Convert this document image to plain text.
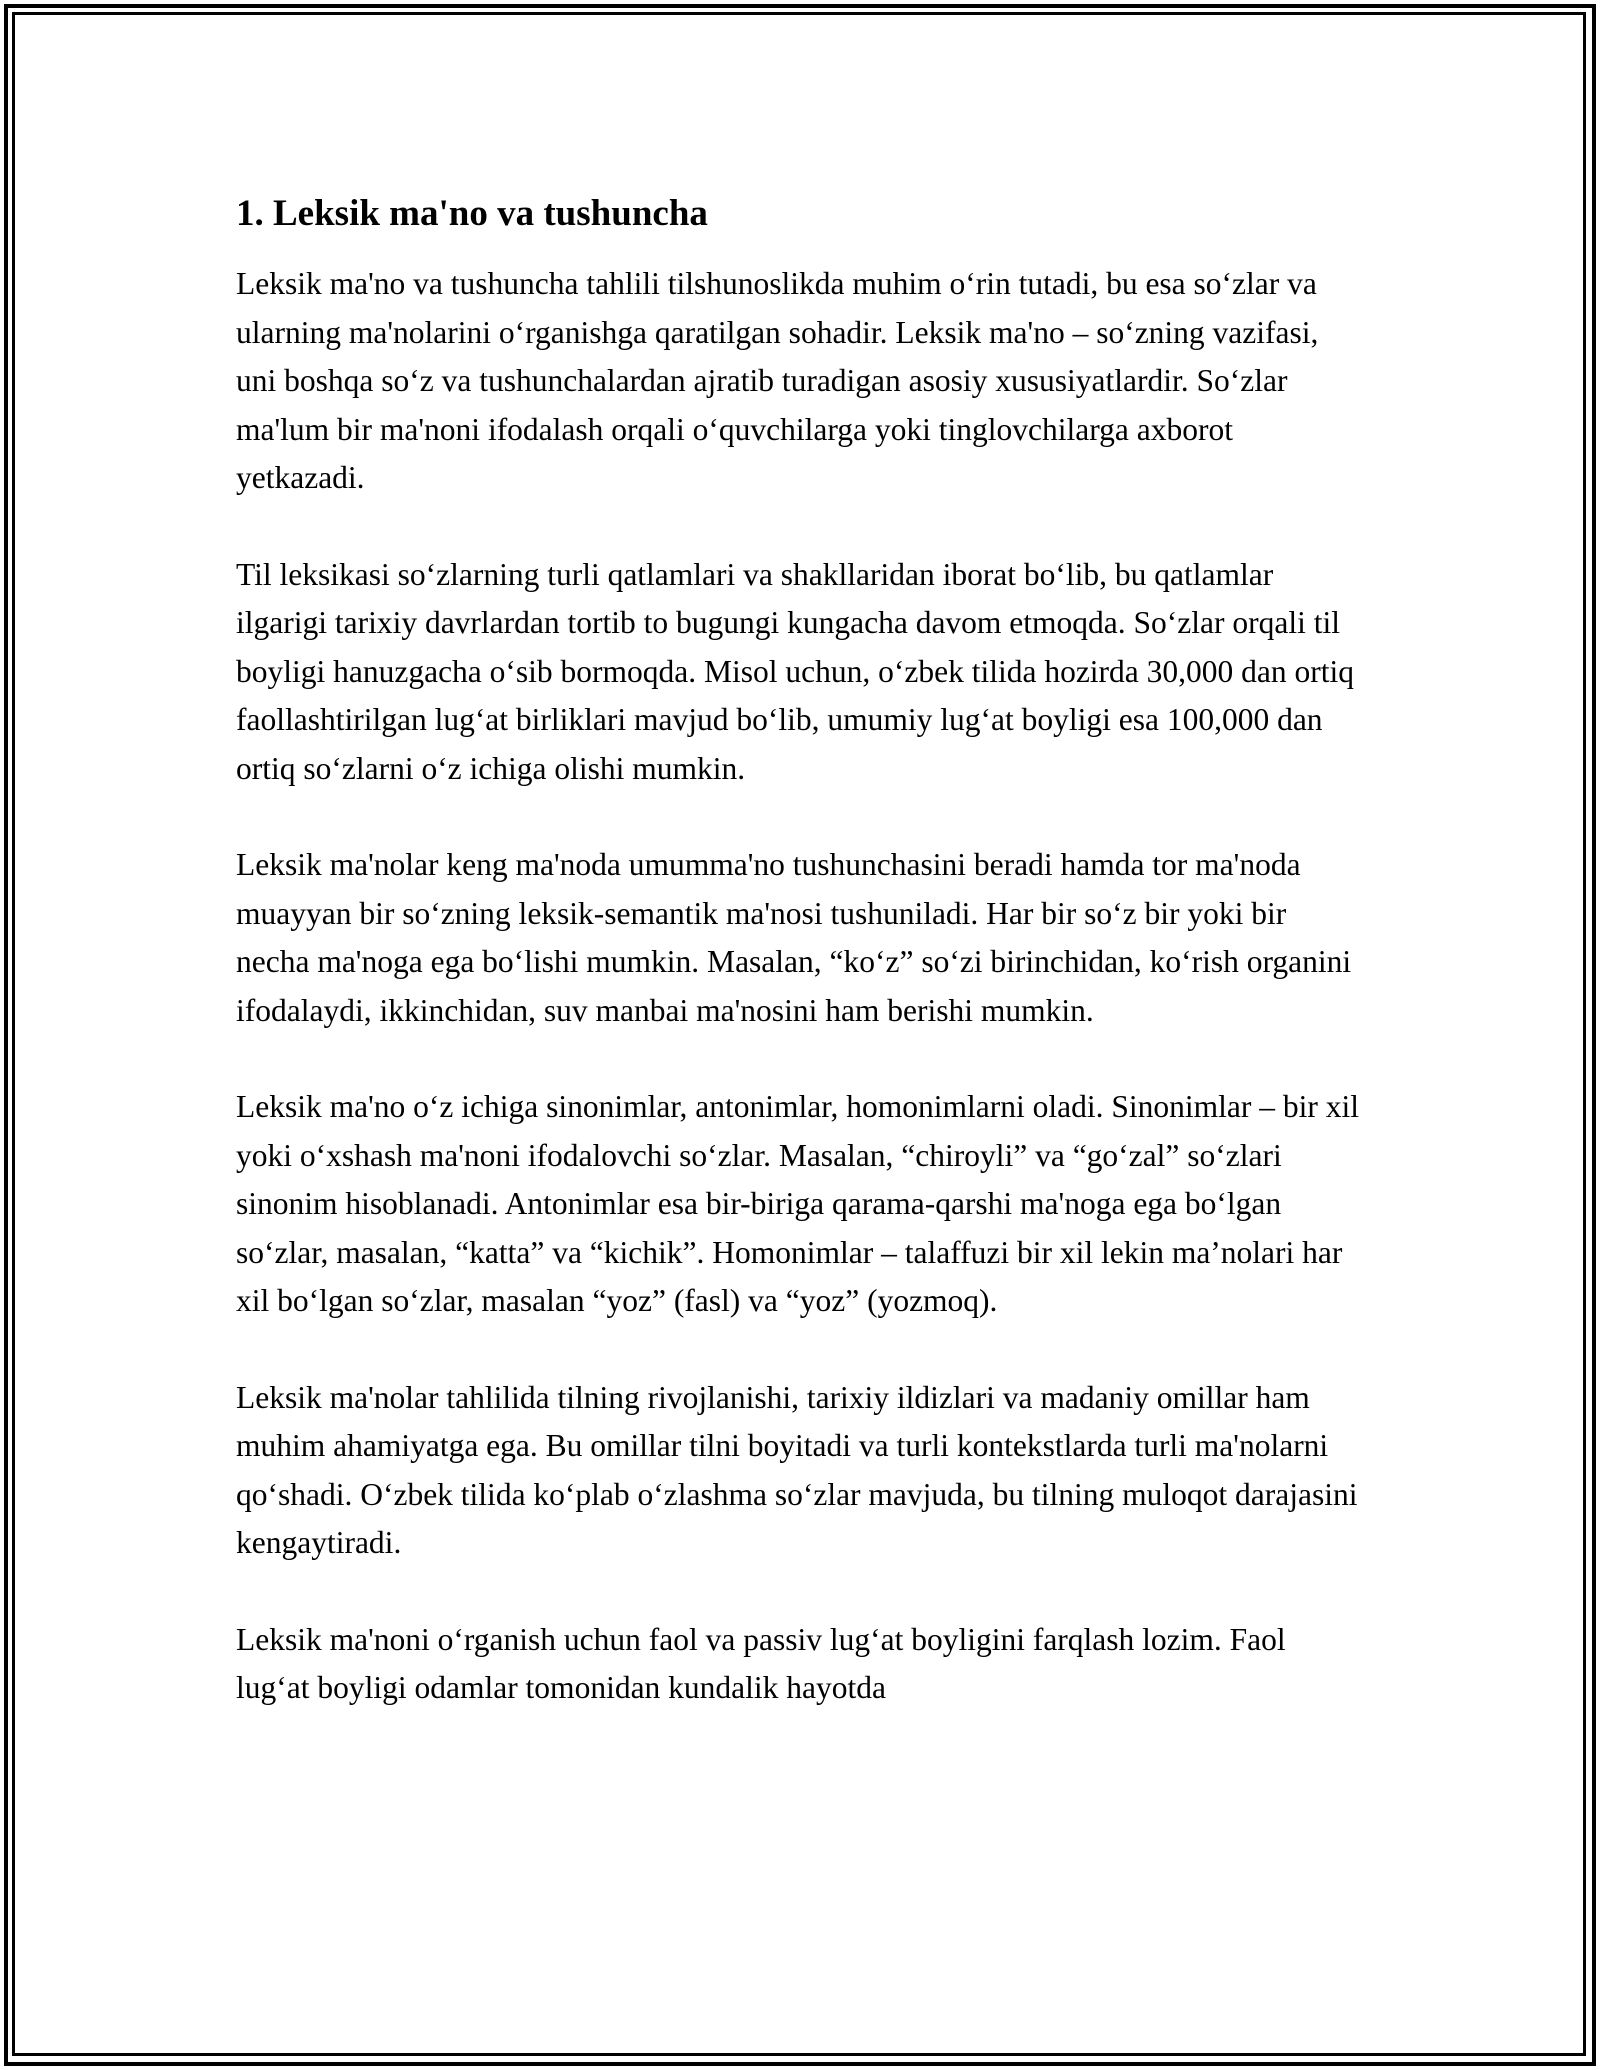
1. Leksik ma'no va tushuncha

Leksik ma'no va tushuncha tahlili tilshunoslikda muhim o‘rin tutadi, bu esa so‘zlar va ularning ma'nolarini o‘rganishga qaratilgan sohadir. Leksik ma'no – so‘zning vazifasi, uni boshqa so‘z va tushunchalardan ajratib turadigan asosiy xususiyatlardir. So‘zlar ma'lum bir ma'noni ifodalash orqali o‘quvchilarga yoki tinglovchilarga axborot yetkazadi.

Til leksikasi so‘zlarning turli qatlamlari va shakllaridan iborat bo‘lib, bu qatlamlar ilgarigi tarixiy davrlardan tortib to bugungi kungacha davom etmoqda. So‘zlar orqali til boyligi hanuzgacha o‘sib bormoqda. Misol uchun, o‘zbek tilida hozirda 30,000 dan ortiq faollashtirilgan lug‘at birliklari mavjud bo‘lib, umumiy lug‘at boyligi esa 100,000 dan ortiq so‘zlarni o‘z ichiga olishi mumkin.

Leksik ma'nolar keng ma'noda umumma'no tushunchasini beradi hamda tor ma'noda muayyan bir so‘zning leksik-semantik ma'nosi tushuniladi. Har bir so‘z bir yoki bir necha ma'noga ega bo‘lishi mumkin. Masalan, “ko‘z” so‘zi birinchidan, ko‘rish organini ifodalaydi, ikkinchidan, suv manbai ma'nosini ham berishi mumkin.

Leksik ma'no o‘z ichiga sinonimlar, antonimlar, homonimlarni oladi. Sinonimlar – bir xil yoki o‘xshash ma'noni ifodalovchi so‘zlar. Masalan, “chiroyli” va “go‘zal” so‘zlari sinonim hisoblanadi. Antonimlar esa bir-biriga qarama-qarshi ma'noga ega bo‘lgan so‘zlar, masalan, “katta” va “kichik”. Homonimlar – talaffuzi bir xil lekin ma’nolari har xil bo‘lgan so‘zlar, masalan “yoz” (fasl) va “yoz” (yozmoq).

Leksik ma'nolar tahlilida tilning rivojlanishi, tarixiy ildizlari va madaniy omillar ham muhim ahamiyatga ega. Bu omillar tilni boyitadi va turli kontekstlarda turli ma'nolarni qo‘shadi. O‘zbek tilida ko‘plab o‘zlashma so‘zlar mavjuda, bu tilning muloqot darajasini kengaytiradi.

Leksik ma'noni o‘rganish uchun faol va passiv lug‘at boyligini farqlash lozim. Faol lug‘at boyligi odamlar tomonidan kundalik hayotda
